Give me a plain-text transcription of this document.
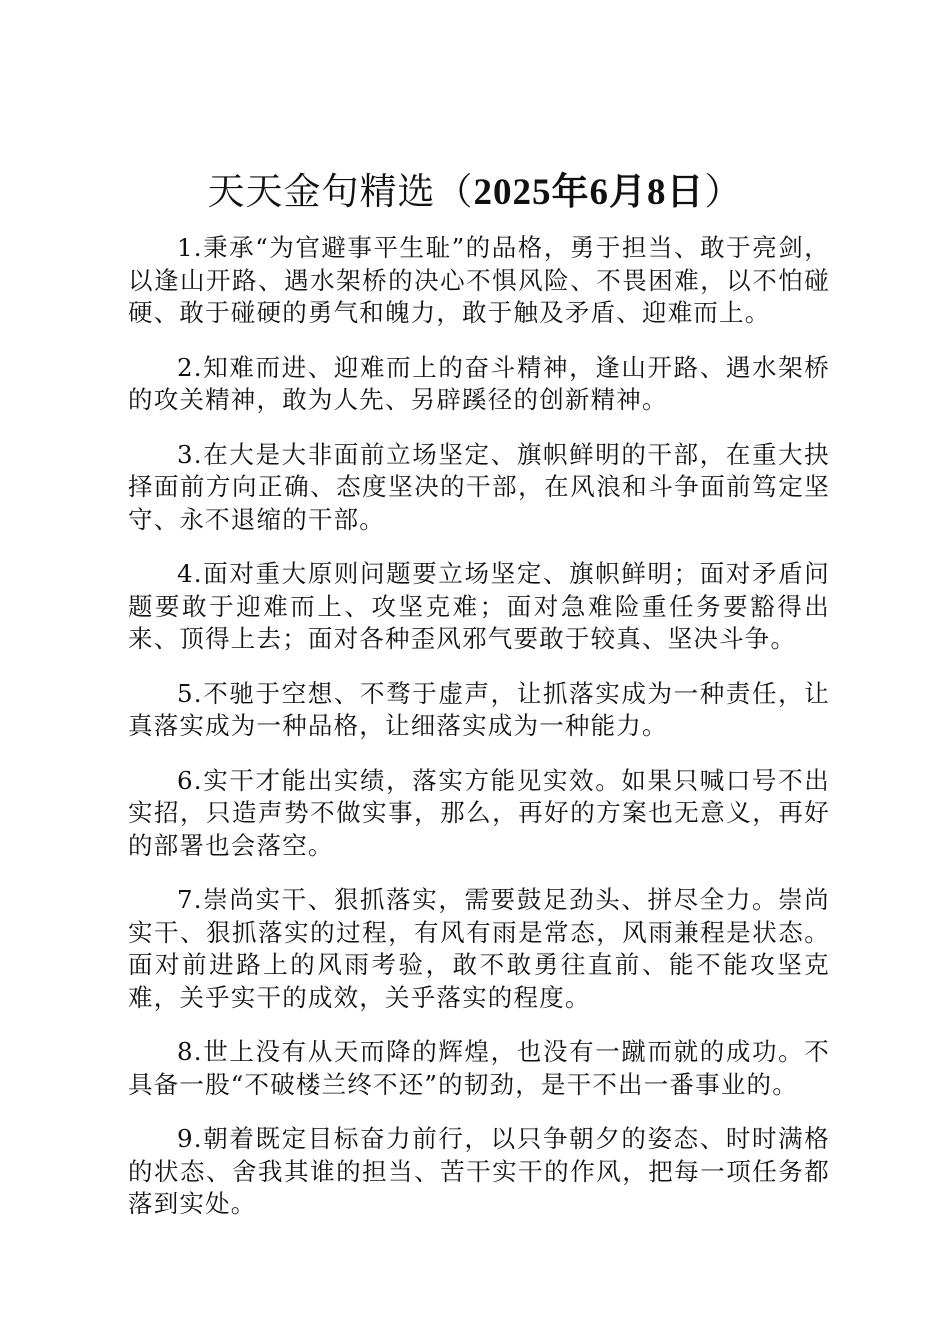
天天金句精选（2025年6月8日）

1.秉承“为官避事平生耻”的品格，勇于担当、敢于亮剑，以逢山开路、遇水架桥的决心不惧风险、不畏困难，以不怕碰硬、敢于碰硬的勇气和魄力，敢于触及矛盾、迎难而上。

2.知难而进、迎难而上的奋斗精神，逢山开路、遇水架桥的攻关精神，敢为人先、另辟蹊径的创新精神。

3.在大是大非面前立场坚定、旗帜鲜明的干部，在重大抉择面前方向正确、态度坚决的干部，在风浪和斗争面前笃定坚守、永不退缩的干部。

4.面对重大原则问题要立场坚定、旗帜鲜明；面对矛盾问题要敢于迎难而上、攻坚克难；面对急难险重任务要豁得出来、顶得上去；面对各种歪风邪气要敢于较真、坚决斗争。

5.不驰于空想、不骛于虚声，让抓落实成为一种责任，让真落实成为一种品格，让细落实成为一种能力。

6.实干才能出实绩，落实方能见实效。如果只喊口号不出实招，只造声势不做实事，那么，再好的方案也无意义，再好的部署也会落空。

7.崇尚实干、狠抓落实，需要鼓足劲头、拼尽全力。崇尚实干、狠抓落实的过程，有风有雨是常态，风雨兼程是状态。面对前进路上的风雨考验，敢不敢勇往直前、能不能攻坚克难，关乎实干的成效，关乎落实的程度。

8.世上没有从天而降的辉煌，也没有一蹴而就的成功。不具备一股“不破楼兰终不还”的韧劲，是干不出一番事业的。

9.朝着既定目标奋力前行，以只争朝夕的姿态、时时满格的状态、舍我其谁的担当、苦干实干的作风，把每一项任务都落到实处。
